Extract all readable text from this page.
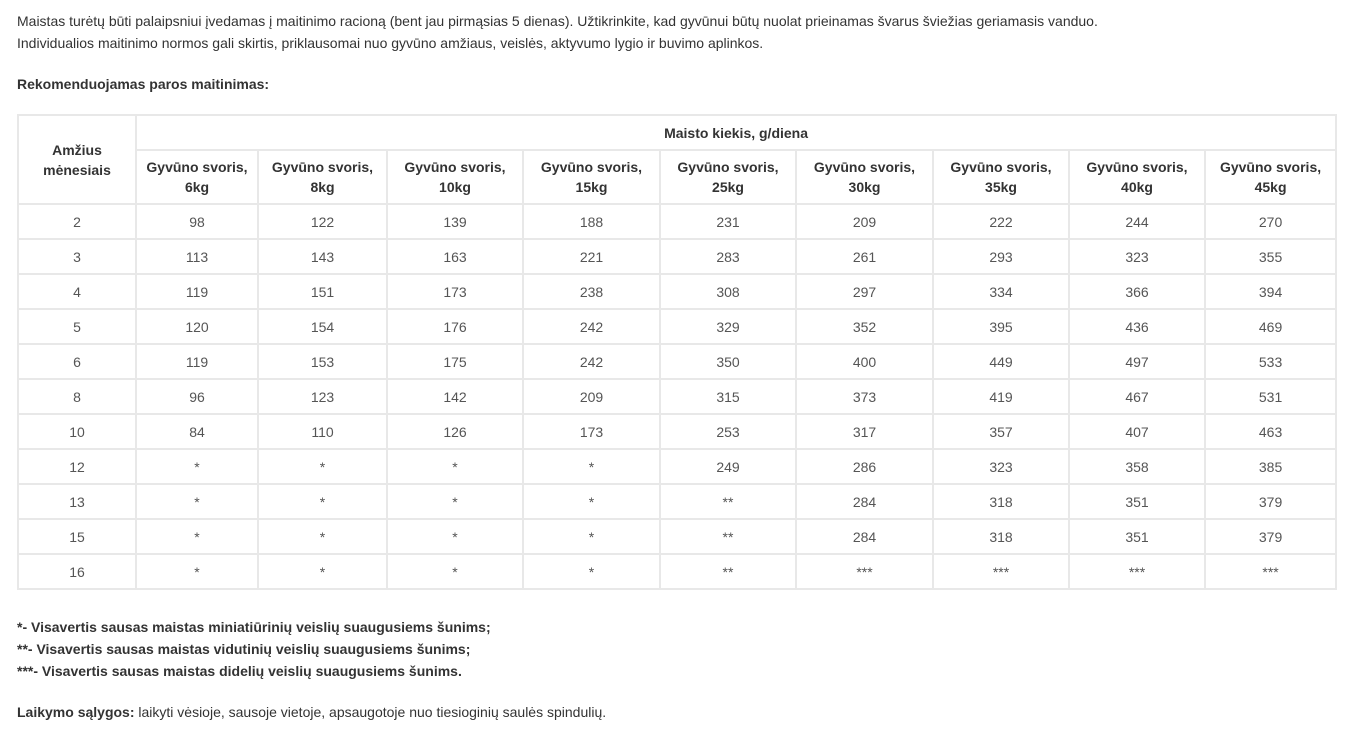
Maistas turėtų būti palaipsniui įvedamas į maitinimo racioną (bent jau pirmąsias 5 dienas). Užtikrinkite, kad gyvūnui būtų nuolat prieinamas švarus šviežias geriamasis vanduo.

Individualios maitinimo normos gali skirtis, priklausomai nuo gyvūno amžiaus, veislės, aktyvumo lygio ir buvimo aplinkos.

Rekomenduojamas paros maitinimas:
Amžius mėnesiais	Maisto kiekis, g/diena								
	Gyvūno svoris, 6kg	Gyvūno svoris, 8kg	Gyvūno svoris, 10kg	Gyvūno svoris, 15kg	Gyvūno svoris, 25kg	Gyvūno svoris, 30kg	Gyvūno svoris, 35kg	Gyvūno svoris, 40kg	Gyvūno svoris, 45kg
2	98	122	139	188	231	209	222	244	270
3	113	143	163	221	283	261	293	323	355
4	119	151	173	238	308	297	334	366	394
5	120	154	176	242	329	352	395	436	469
6	119	153	175	242	350	400	449	497	533
8	96	123	142	209	315	373	419	467	531
10	84	110	126	173	253	317	357	407	463
12	*	*	*	*	249	286	323	358	385
13	*	*	*	*	**	284	318	351	379
15	*	*	*	*	**	284	318	351	379
16	*	*	*	*	**	***	***	***	***

*- Visavertis sausas maistas miniatiūrinių veislių suaugusiems šunims;

**- Visavertis sausas maistas vidutinių veislių suaugusiems šunims;

***- Visavertis sausas maistas didelių veislių suaugusiems šunims.

Laikymo sąlygos: laikyti vėsioje, sausoje vietoje, apsaugotoje nuo tiesioginių saulės spindulių.
